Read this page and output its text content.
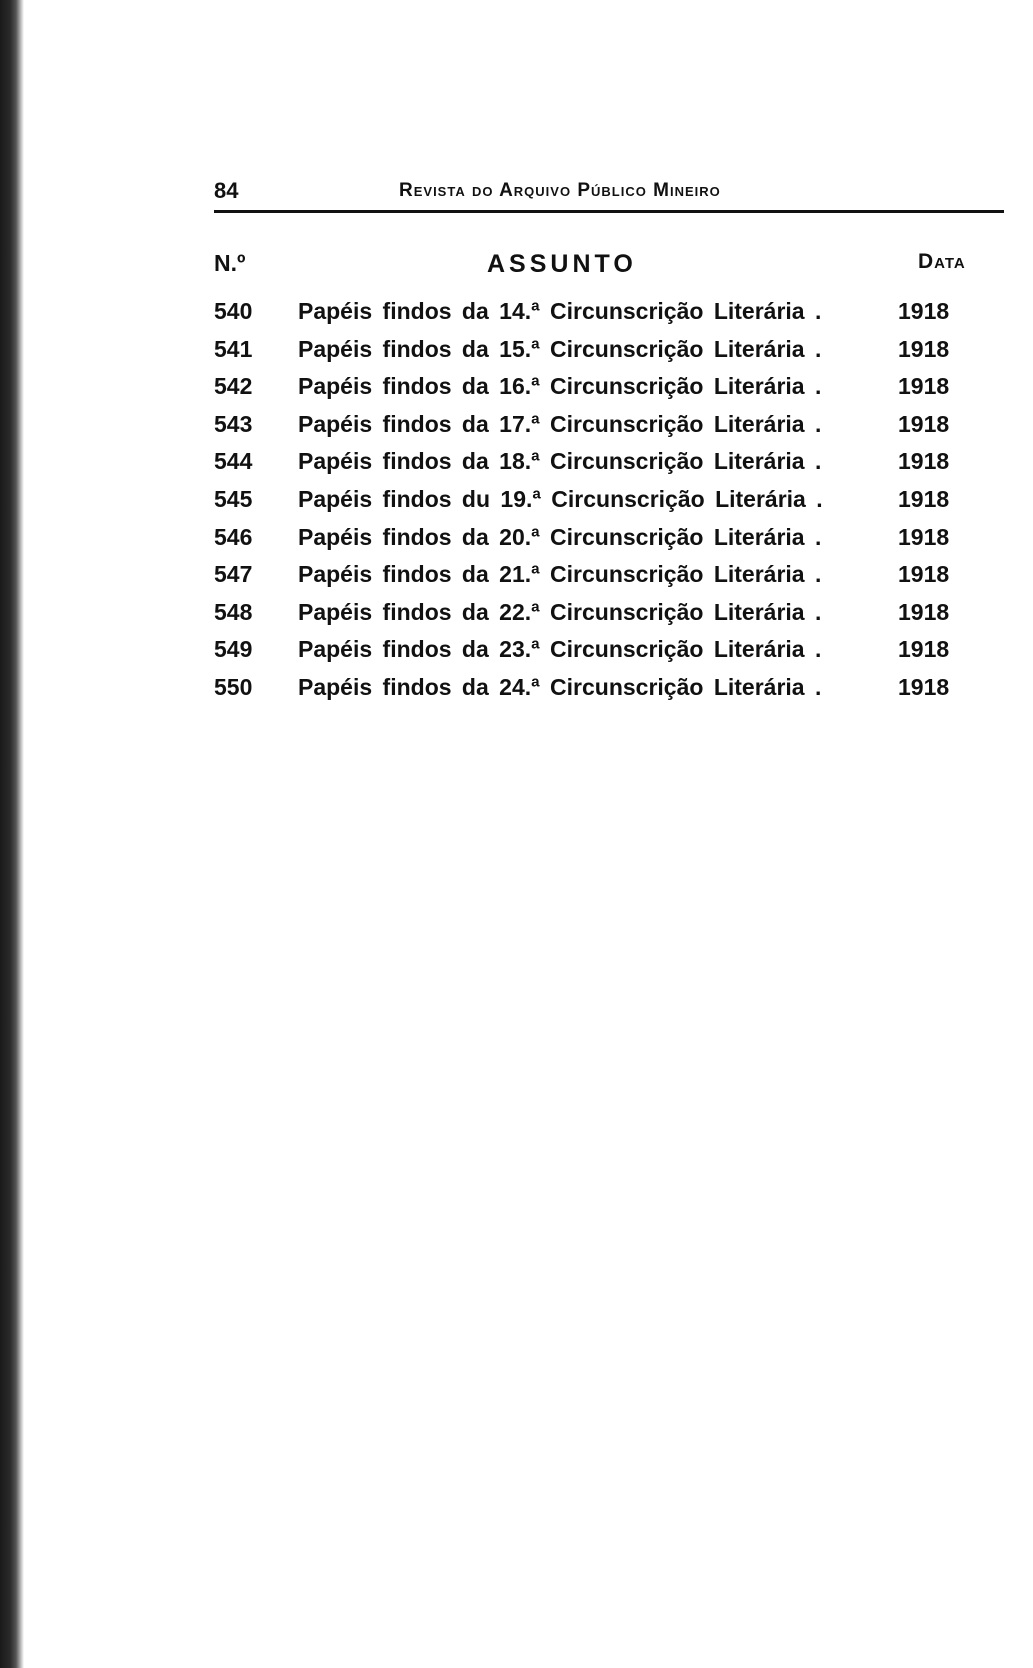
84	Revista do Arquivo Público Mineiro
N.º	ASSUNTO	Data
540 Papéis findos da 14.ª Circunscrição Literária .	1918
541 Papéis findos da 15.ª Circunscrição Literária .	1918
542 Papéis findos da 16.ª Circunscrição Literária .	1918
543 Papéis findos da 17.ª Circunscrição Literária .	1918
544 Papéis findos da 18.ª Circunscrição Literária .	1918
545 Papéis findos du 19.ª Circunscrição Literária .	1918
546 Papéis findos da 20.ª Circunscrição Literária .	1918
547 Papéis findos da 21.ª Circunscrição Literária .	1918
548 Papéis findos da 22.ª Circunscrição Literária .	1918
549 Papéis findos da 23.ª Circunscrição Literária .	1918
550 Papéis findos da 24.ª Circunscrição Literária .	1918
